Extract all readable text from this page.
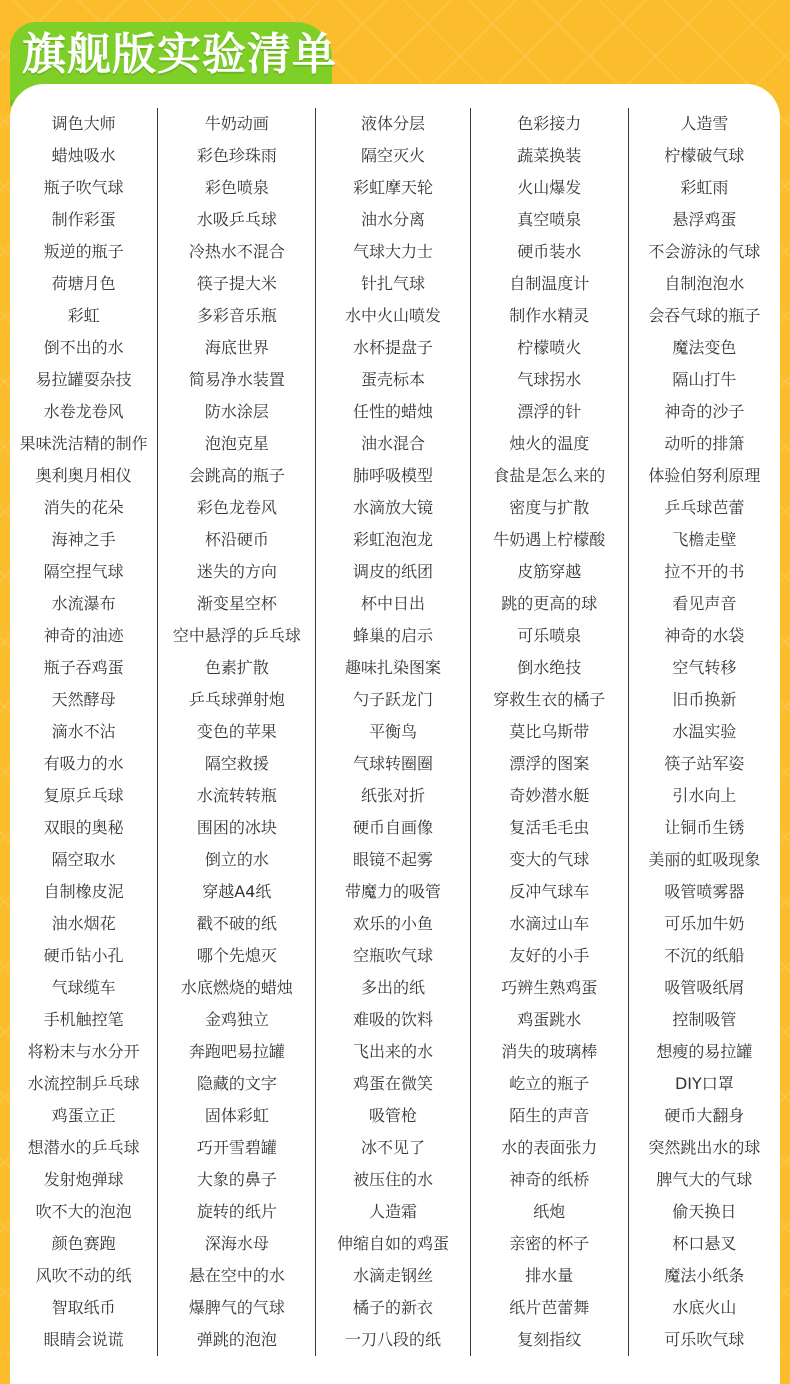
旗舰版实验清单
调色大师
蜡烛吸水
瓶子吹气球
制作彩蛋
叛逆的瓶子
荷塘月色
彩虹
倒不出的水
易拉罐耍杂技
水卷龙卷风
果味洗洁精的制作
奥利奥月相仪
消失的花朵
海神之手
隔空捏气球
水流瀑布
神奇的油迹
瓶子吞鸡蛋
天然酵母
滴水不沾
有吸力的水
复原乒乓球
双眼的奥秘
隔空取水
自制橡皮泥
油水烟花
硬币钻小孔
气球缆车
手机触控笔
将粉末与水分开
水流控制乒乓球
鸡蛋立正
想潜水的乒乓球
发射炮弹球
吹不大的泡泡
颜色赛跑
风吹不动的纸
智取纸币
眼睛会说谎
牛奶动画
彩色珍珠雨
彩色喷泉
水吸乒乓球
冷热水不混合
筷子提大米
多彩音乐瓶
海底世界
简易净水装置
防水涂层
泡泡克星
会跳高的瓶子
彩色龙卷风
杯沿硬币
迷失的方向
渐变星空杯
空中悬浮的乒乓球
色素扩散
乒乓球弹射炮
变色的苹果
隔空救援
水流转转瓶
围困的冰块
倒立的水
穿越A4纸
戳不破的纸
哪个先熄灭
水底燃烧的蜡烛
金鸡独立
奔跑吧易拉罐
隐藏的文字
固体彩虹
巧开雪碧罐
大象的鼻子
旋转的纸片
深海水母
悬在空中的水
爆脾气的气球
弹跳的泡泡
液体分层
隔空灭火
彩虹摩天轮
油水分离
气球大力士
针扎气球
水中火山喷发
水杯提盘子
蛋壳标本
任性的蜡烛
油水混合
肺呼吸模型
水滴放大镜
彩虹泡泡龙
调皮的纸团
杯中日出
蜂巢的启示
趣味扎染图案
勺子跃龙门
平衡鸟
气球转圈圈
纸张对折
硬币自画像
眼镜不起雾
带魔力的吸管
欢乐的小鱼
空瓶吹气球
多出的纸
难吸的饮料
飞出来的水
鸡蛋在微笑
吸管枪
冰不见了
被压住的水
人造霜
伸缩自如的鸡蛋
水滴走钢丝
橘子的新衣
一刀八段的纸
色彩接力
蔬菜换装
火山爆发
真空喷泉
硬币装水
自制温度计
制作水精灵
柠檬喷火
气球拐水
漂浮的针
烛火的温度
食盐是怎么来的
密度与扩散
牛奶遇上柠檬酸
皮筋穿越
跳的更高的球
可乐喷泉
倒水绝技
穿救生衣的橘子
莫比乌斯带
漂浮的图案
奇妙潜水艇
复活毛毛虫
变大的气球
反冲气球车
水滴过山车
友好的小手
巧辨生熟鸡蛋
鸡蛋跳水
消失的玻璃棒
屹立的瓶子
陌生的声音
水的表面张力
神奇的纸桥
纸炮
亲密的杯子
排水量
纸片芭蕾舞
复刻指纹
人造雪
柠檬破气球
彩虹雨
悬浮鸡蛋
不会游泳的气球
自制泡泡水
会吞气球的瓶子
魔法变色
隔山打牛
神奇的沙子
动听的排箫
体验伯努利原理
乒乓球芭蕾
飞檐走壁
拉不开的书
看见声音
神奇的水袋
空气转移
旧币换新
水温实验
筷子站军姿
引水向上
让铜币生锈
美丽的虹吸现象
吸管喷雾器
可乐加牛奶
不沉的纸船
吸管吸纸屑
控制吸管
想瘦的易拉罐
DIY口罩
硬币大翻身
突然跳出水的球
脾气大的气球
偷天换日
杯口悬叉
魔法小纸条
水底火山
可乐吹气球
